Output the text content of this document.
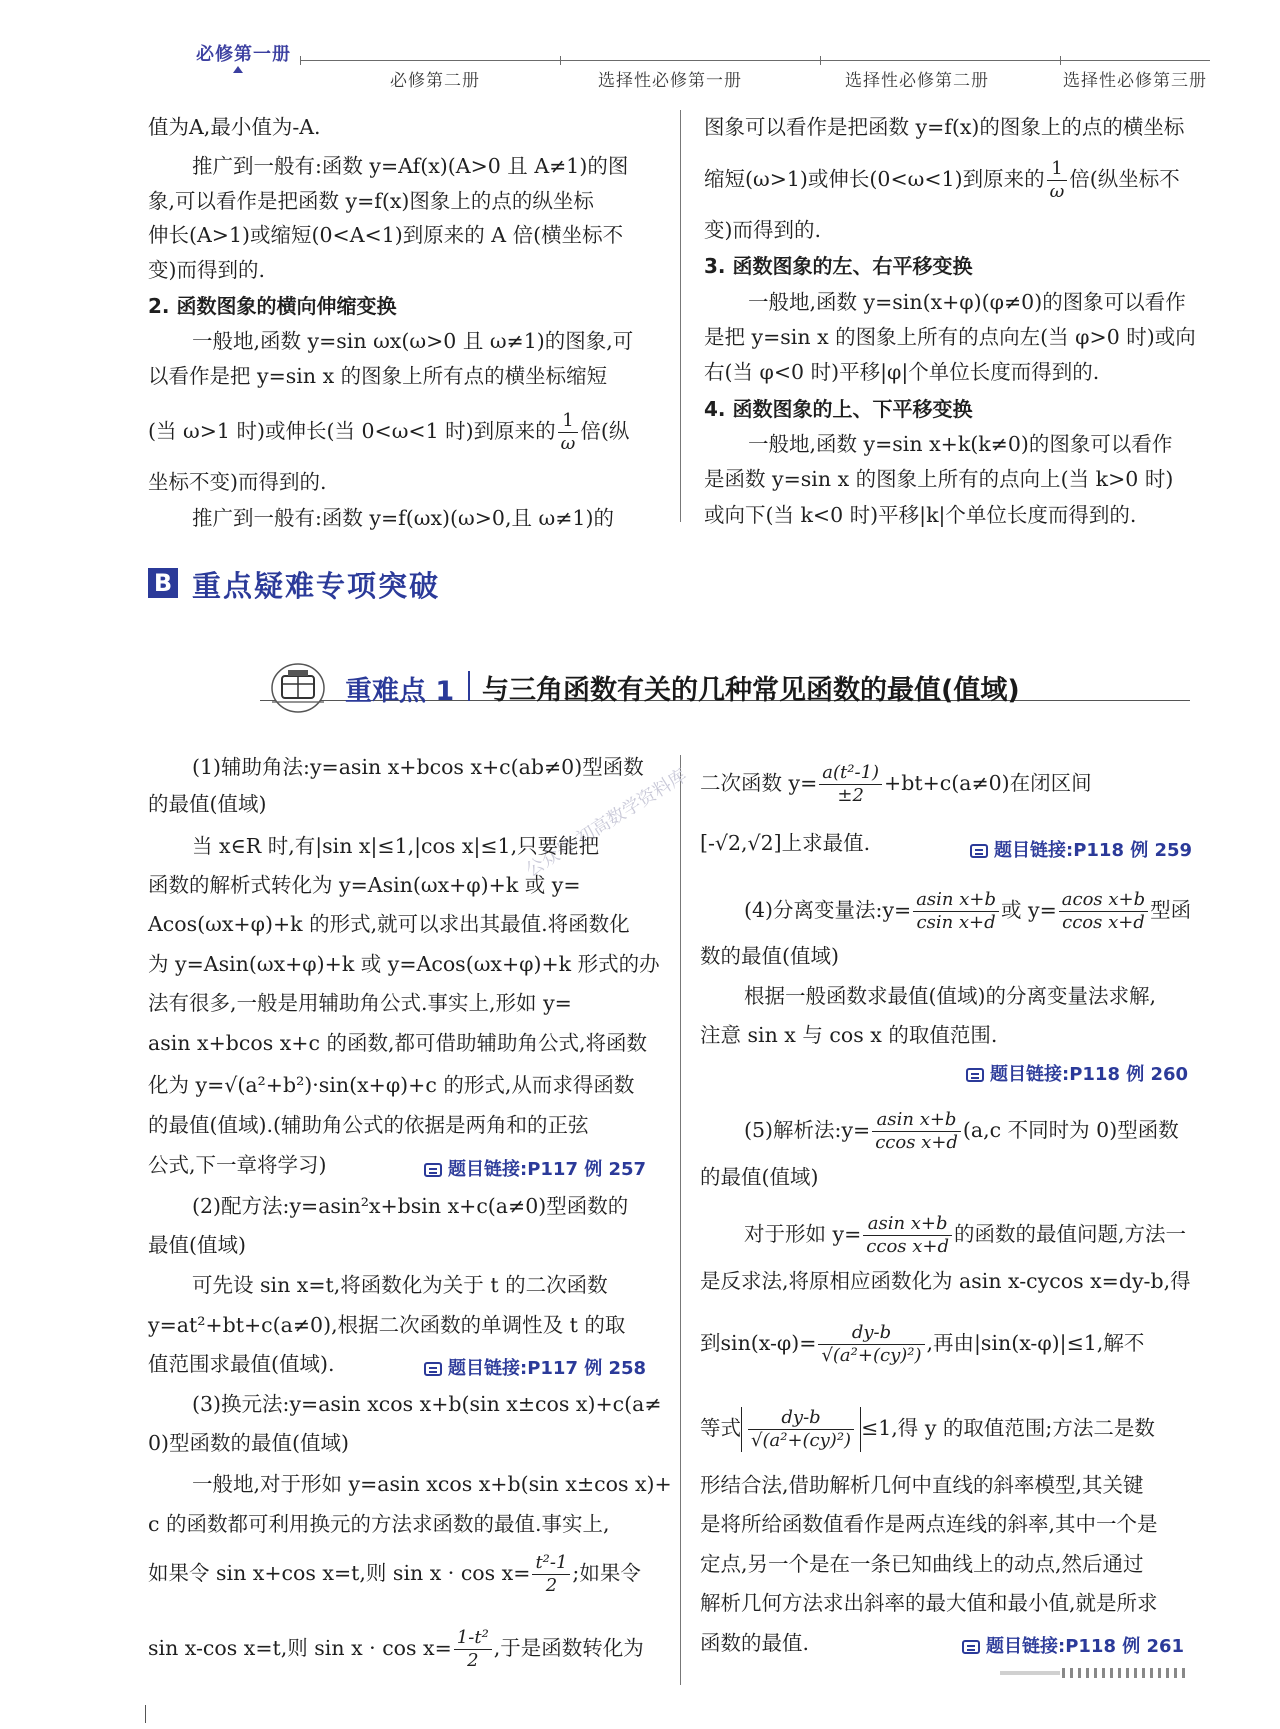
必修第一册
必修第二册	选择性必修第一册	选择性必修第二册	选择性必修第三册
值为A,最小值为-A.
推广到一般有:函数 y=Af(x)(A>0 且 A≠1)的图
象,可以看作是把函数 y=f(x)图象上的点的纵坐标
伸长(A>1)或缩短(0<A<1)到原来的 A 倍(横坐标不
变)而得到的.
2. 函数图象的横向伸缩变换
一般地,函数 y=sin ωx(ω>0 且 ω≠1)的图象,可
以看作是把 y=sin x 的图象上所有点的横坐标缩短
(当 ω>1 时)或伸长(当 0<ω<1 时)到原来的 $\frac{1}{\omega}$ 倍(纵
坐标不变)而得到的.
推广到一般有:函数 y=f(ωx)(ω>0,且 ω≠1)的
图象可以看作是把函数 y=f(x)的图象上的点的横坐标
缩短(ω>1)或伸长(0<ω<1)到原来的 $\frac{1}{\omega}$ 倍(纵坐标不
变)而得到的.
3. 函数图象的左、右平移变换
一般地,函数 y=sin(x+φ)(φ≠0)的图象可以看作
是把 y=sin x 的图象上所有的点向左(当 φ>0 时)或向
右(当 φ<0 时)平移|φ|个单位长度而得到的.
4. 函数图象的上、下平移变换
一般地,函数 y=sin x+k(k≠0)的图象可以看作
是函数 y=sin x 的图象上所有的点向上(当 k>0 时)
或向下(当 k<0 时)平移|k|个单位长度而得到的.
B 重点疑难专项突破
重难点 1 与三角函数有关的几种常见函数的最值(值域)
公众号·初高数学资料库
(1)辅助角法:y=asin x+bcos x+c(ab≠0)型函数
的最值(值域)
当 x∈R 时,有|sin x|≤1,|cos x|≤1,只要能把
函数的解析式转化为 y=Asin(ωx+φ)+k 或 y=
Acos(ωx+φ)+k 的形式,就可以求出其最值.将函数化
为 y=Asin(ωx+φ)+k 或 y=Acos(ωx+φ)+k 形式的办
法有很多,一般是用辅助角公式.事实上,形如 y=
asin x+bcos x+c 的函数,都可借助辅助角公式,将函数
化为 y=√(a²+b²)·sin(x+φ)+c 的形式,从而求得函数
的最值(值域).(辅助角公式的依据是两角和的正弦
公式,下一章将学习)	题目链接:P117 例 257
(2)配方法:y=asin²x+bsin x+c(a≠0)型函数的
最值(值域)
可先设 sin x=t,将函数化为关于 t 的二次函数
y=at²+bt+c(a≠0),根据二次函数的单调性及 t 的取
值范围求最值(值域).	题目链接:P117 例 258
(3)换元法:y=asin xcos x+b(sin x±cos x)+c(a≠
0)型函数的最值(值域)
一般地,对于形如 y=asin xcos x+b(sin x±cos x)+
c 的函数都可利用换元的方法求函数的最值.事实上,
如果令 sin x+cos x=t,则 $\sin x \cdot \cos x= \frac{\text{t²-1}}{2}$ ;如果令
sin x-cos x=t,则 $\sin x \cdot \cos x= \frac{\text{1-t²}}{2}$ ,于是函数转化为
二次函数 $y= \frac{\text{a(t²-1)}}{\pm 2} +bt+c(a\ne 0)$在闭区间
[-√2,√2]上求最值.	题目链接:P118 例 259
(4)分离变量法:y= $\frac{\text{asin x+b}}{\text{csin x+d}}$ 或 $y= \frac{\text{acos x+b}}{\text{ccos x+d}}$ 型函
数的最值(值域)
根据一般函数求最值(值域)的分离变量法求解,
注意 sin x 与 cos x 的取值范围.
题目链接:P118 例 260
(5)解析法:y= $\frac{\text{asin x+b}}{\text{ccos x+d}} (a,c$ 不同时为 0)型函数
的最值(值域)
对于形如 $y= \frac{\text{asin x+b}}{\text{ccos x+d}}$ 的函数的最值问题,方法一
是反求法,将原相应函数化为 asin x-cycos x=dy-b,得
到$\sin(x-\varphi)= \frac{dy-b}{\text{√(a²+(cy)²)}}$ ,再由|sin(x-φ)|≤1,解不
等式 $\frac{dy-b}{\text{√(a²+(cy)²)}} \le 1$,得 y 的取值范围;方法二是数
形结合法,借助解析几何中直线的斜率模型,其关键
是将所给函数值看作是两点连线的斜率,其中一个是
定点,另一个是在一条已知曲线上的动点,然后通过
解析几何方法求出斜率的最大值和最小值,就是所求
函数的最值.	题目链接:P118 例 261
